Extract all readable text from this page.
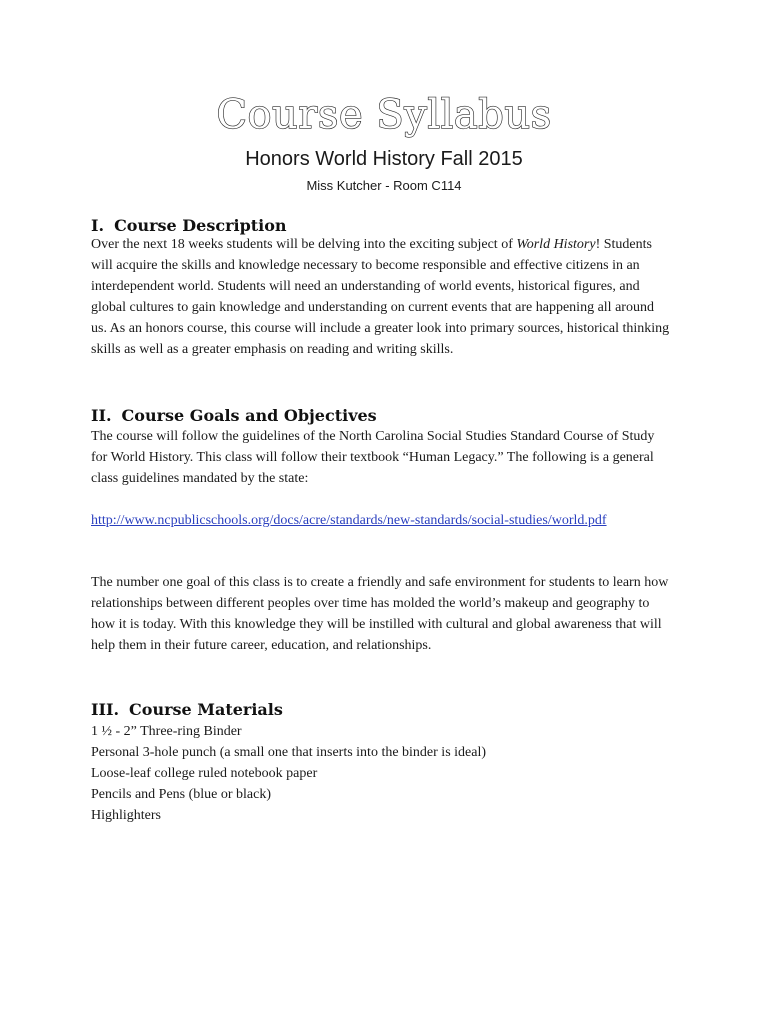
Course Syllabus
Honors World History Fall 2015
Miss Kutcher - Room C114
I. Course Description

Over the next 18 weeks students will be delving into the exciting subject of World History! Students will acquire the skills and knowledge necessary to become responsible and effective citizens in an interdependent world. Students will need an understanding of world events, historical figures, and global cultures to gain knowledge and understanding on current events that are happening all around us. As an honors course, this course will include a greater look into primary sources, historical thinking skills as well as a greater emphasis on reading and writing skills.

II. Course Goals and Objectives

The course will follow the guidelines of the North Carolina Social Studies Standard Course of Study for World History. This class will follow their textbook “Human Legacy.” The following is a general class guidelines mandated by the state:

http://www.ncpublicschools.org/docs/acre/standards/new-standards/social-studies/world.pdf

The number one goal of this class is to create a friendly and safe environment for students to learn how relationships between different peoples over time has molded the world’s makeup and geography to how it is today. With this knowledge they will be instilled with cultural and global awareness that will help them in their future career, education, and relationships.

III. Course Materials
1 ½ - 2” Three-ring Binder
Personal 3-hole punch (a small one that inserts into the binder is ideal)
Loose-leaf college ruled notebook paper
Pencils and Pens (blue or black)
Highlighters
